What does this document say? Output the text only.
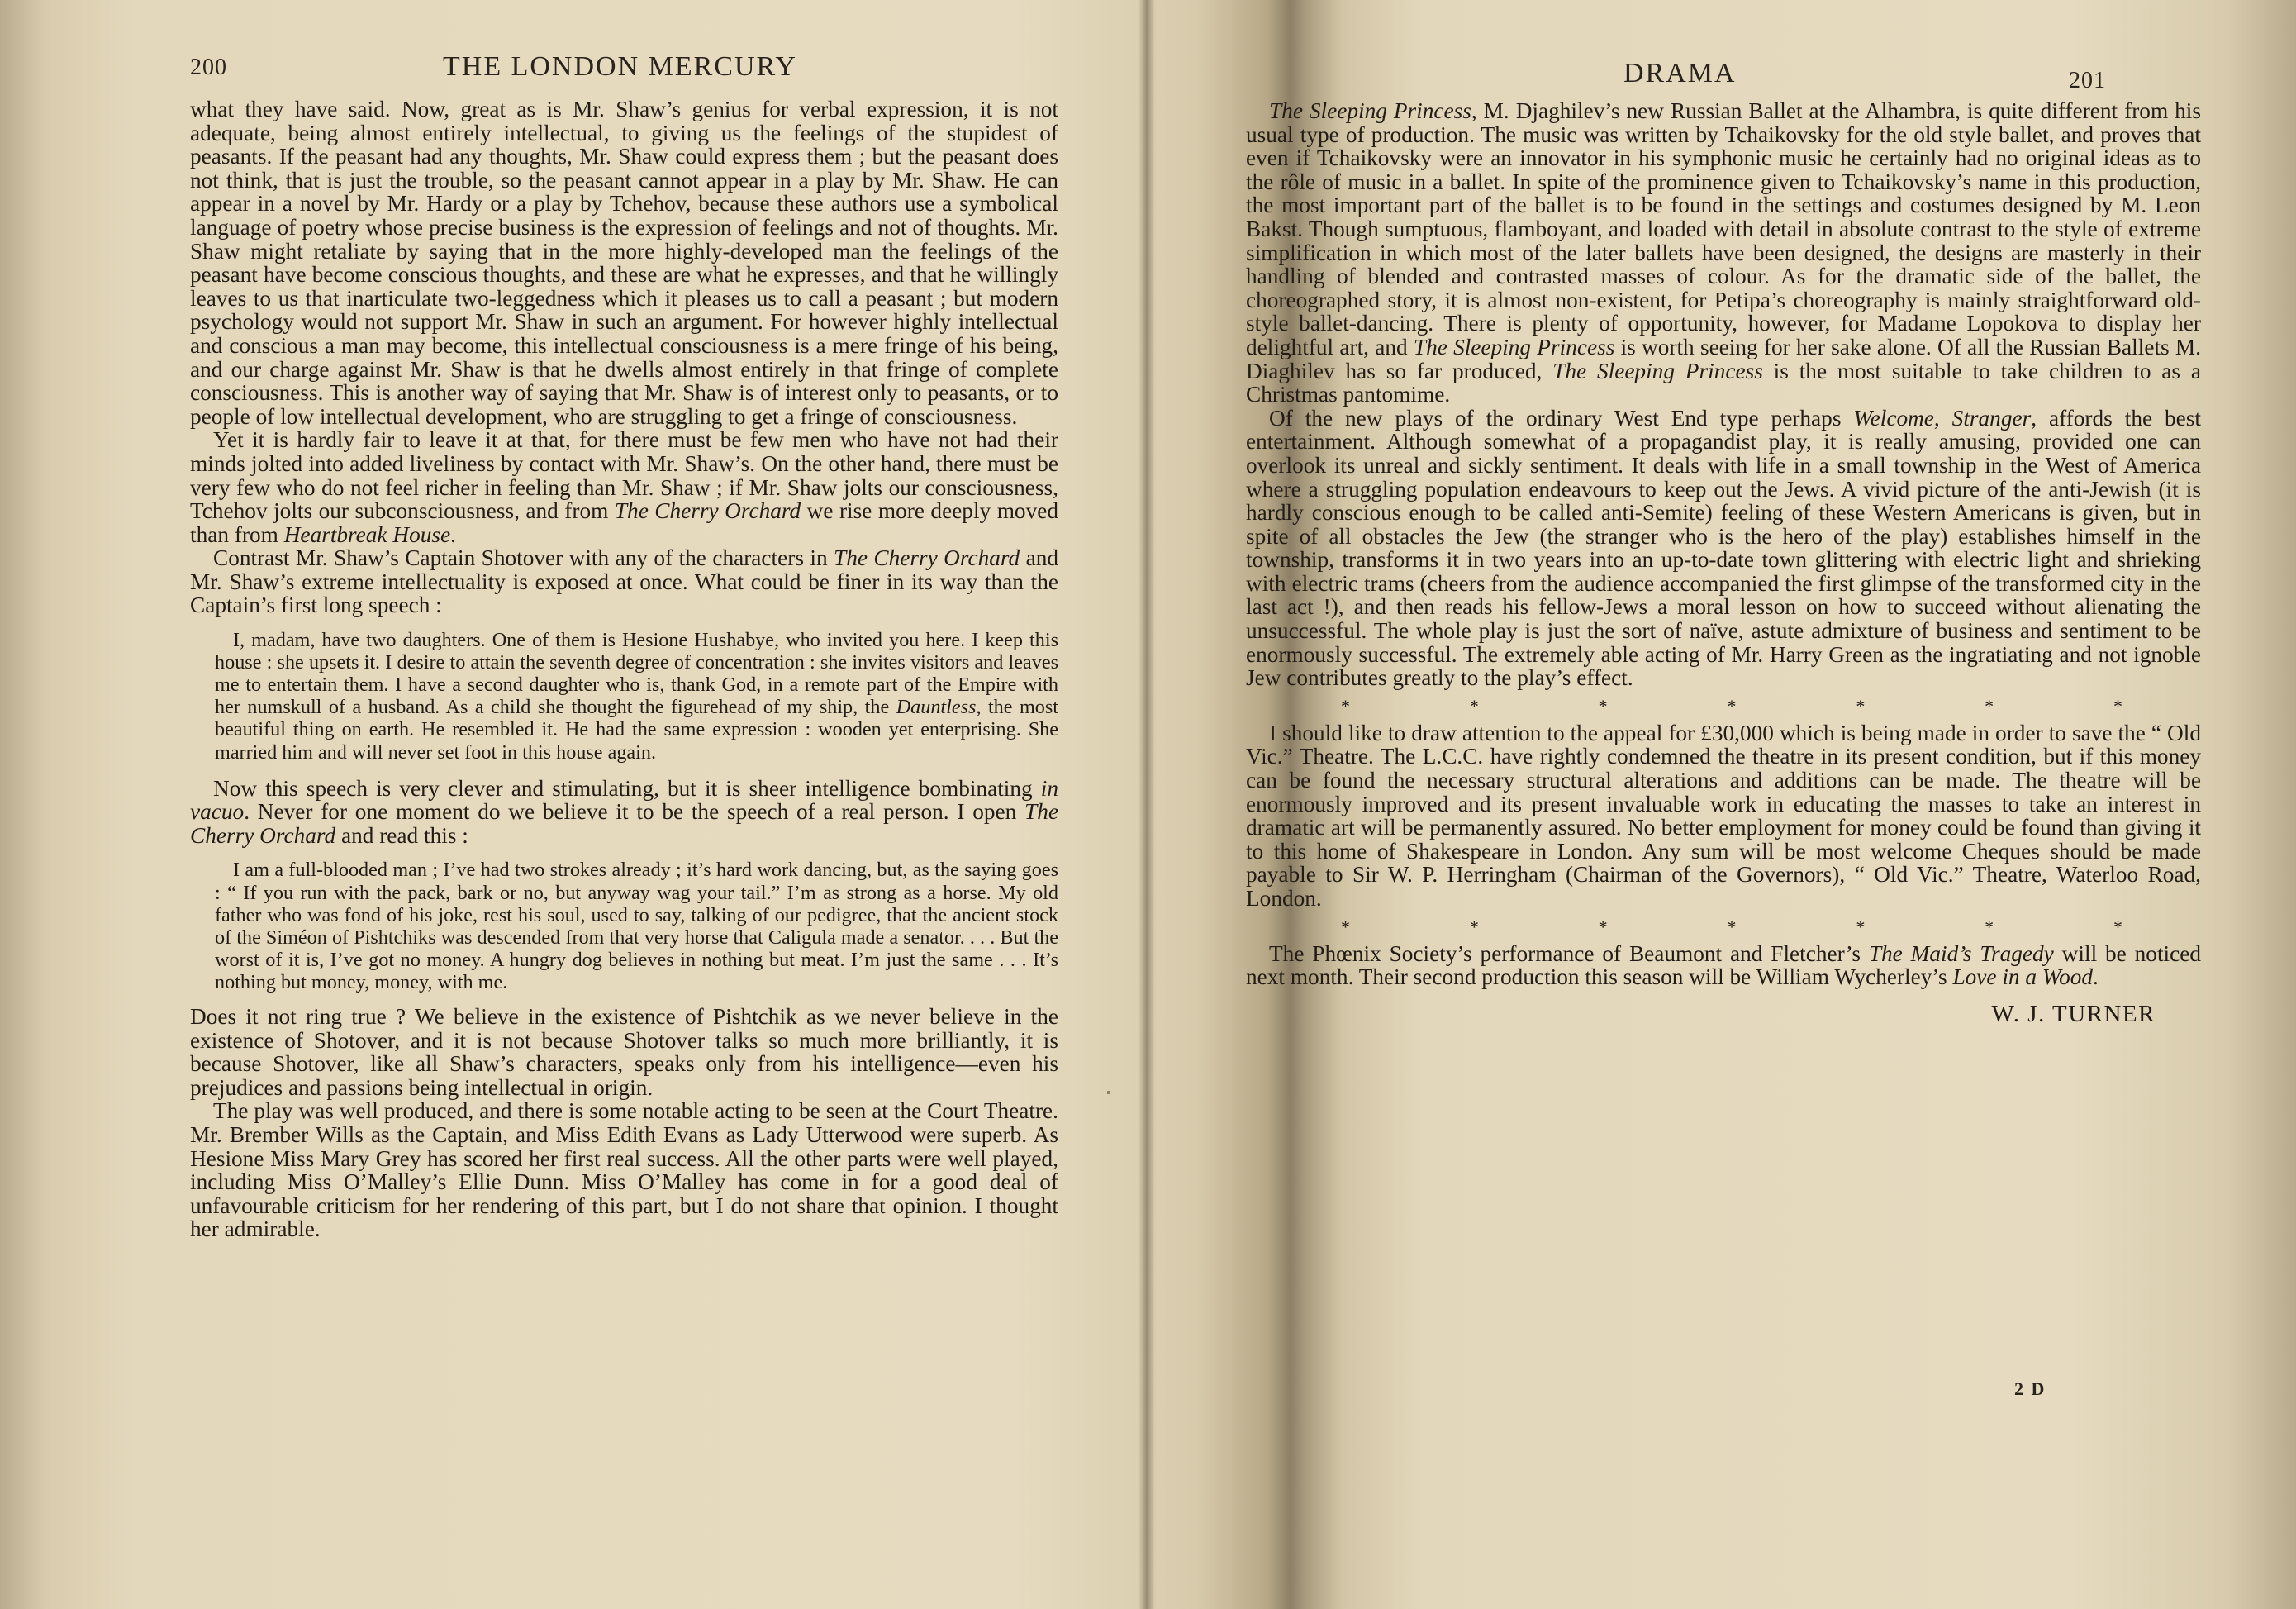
200	THE LONDON MERCURY

what they have said. Now, great as is Mr. Shaw’s genius for verbal expression, it is not adequate, being almost entirely intellectual, to giving us the feelings of the stupidest of peasants. If the peasant had any thoughts, Mr. Shaw could express them ; but the peasant does not think, that is just the trouble, so the peasant cannot appear in a play by Mr. Shaw. He can appear in a novel by Mr. Hardy or a play by Tchehov, because these authors use a symbolical language of poetry whose precise business is the expression of feelings and not of thoughts. Mr. Shaw might retaliate by saying that in the more highly-developed man the feelings of the peasant have become conscious thoughts, and these are what he expresses, and that he willingly leaves to us that inarticulate two-leggedness which it pleases us to call a peasant ; but modern psychology would not support Mr. Shaw in such an argument. For however highly intellectual and conscious a man may become, this intellectual consciousness is a mere fringe of his being, and our charge against Mr. Shaw is that he dwells almost entirely in that fringe of complete consciousness. This is another way of saying that Mr. Shaw is of interest only to peasants, or to people of low intellectual development, who are struggling to get a fringe of consciousness.

Yet it is hardly fair to leave it at that, for there must be few men who have not had their minds jolted into added liveliness by contact with Mr. Shaw’s. On the other hand, there must be very few who do not feel richer in feeling than Mr. Shaw ; if Mr. Shaw jolts our consciousness, Tchehov jolts our subconsciousness, and from The Cherry Orchard we rise more deeply moved than from Heartbreak House.

Contrast Mr. Shaw’s Captain Shotover with any of the characters in The Cherry Orchard and Mr. Shaw’s extreme intellectuality is exposed at once. What could be finer in its way than the Captain’s first long speech :

I, madam, have two daughters. One of them is Hesione Hushabye, who invited you here. I keep this house : she upsets it. I desire to attain the seventh degree of concentration : she invites visitors and leaves me to entertain them. I have a second daughter who is, thank God, in a remote part of the Empire with her numskull of a husband. As a child she thought the figurehead of my ship, the Dauntless, the most beautiful thing on earth. He resembled it. He had the same expression : wooden yet enterprising. She married him and will never set foot in this house again.

Now this speech is very clever and stimulating, but it is sheer intelligence bombinating in vacuo. Never for one moment do we believe it to be the speech of a real person. I open The Cherry Orchard and read this :

I am a full-blooded man ; I’ve had two strokes already ; it’s hard work dancing, but, as the saying goes : “ If you run with the pack, bark or no, but anyway wag your tail.” I’m as strong as a horse. My old father who was fond of his joke, rest his soul, used to say, talking of our pedigree, that the ancient stock of the Siméon of Pishtchiks was descended from that very horse that Caligula made a senator. . . . But the worst of it is, I’ve got no money. A hungry dog believes in nothing but meat. I’m just the same . . . It’s nothing but money, money, with me.

Does it not ring true ? We believe in the existence of Pishtchik as we never believe in the existence of Shotover, and it is not because Shotover talks so much more brilliantly, it is because Shotover, like all Shaw’s characters, speaks only from his intelligence—even his prejudices and passions being intellectual in origin.

The play was well produced, and there is some notable acting to be seen at the Court Theatre. Mr. Brember Wills as the Captain, and Miss Edith Evans as Lady Utterwood were superb. As Hesione Miss Mary Grey has scored her first real success. All the other parts were well played, including Miss O’Malley’s Ellie Dunn. Miss O’Malley has come in for a good deal of unfavourable criticism for her rendering of this part, but I do not share that opinion. I thought her admirable.

DRAMA	201

The Sleeping Princess, M. Djaghilev’s new Russian Ballet at the Alhambra, is quite different from his usual type of production. The music was written by Tchaikovsky for the old style ballet, and proves that even if Tchaikovsky were an innovator in his symphonic music he certainly had no original ideas as to the rôle of music in a ballet. In spite of the prominence given to Tchaikovsky’s name in this production, the most important part of the ballet is to be found in the settings and costumes designed by M. Leon Bakst. Though sumptuous, flamboyant, and loaded with detail in absolute contrast to the style of extreme simplification in which most of the later ballets have been designed, the designs are masterly in their handling of blended and contrasted masses of colour. As for the dramatic side of the ballet, the choreographed story, it is almost non-existent, for Petipa’s choreography is mainly straightforward old-style ballet-dancing. There is plenty of opportunity, however, for Madame Lopokova to display her delightful art, and The Sleeping Princess is worth seeing for her sake alone. Of all the Russian Ballets M. Diaghilev has so far produced, The Sleeping Princess is the most suitable to take children to as a Christmas pantomime.

Of the new plays of the ordinary West End type perhaps Welcome, Stranger, affords the best entertainment. Although somewhat of a propagandist play, it is really amusing, provided one can overlook its unreal and sickly sentiment. It deals with life in a small township in the West of America where a struggling population endeavours to keep out the Jews. A vivid picture of the anti-Jewish (it is hardly conscious enough to be called anti-Semite) feeling of these Western Americans is given, but in spite of all obstacles the Jew (the stranger who is the hero of the play) establishes himself in the township, transforms it in two years into an up-to-date town glittering with electric light and shrieking with electric trams (cheers from the audience accompanied the first glimpse of the transformed city in the last act !), and then reads his fellow-Jews a moral lesson on how to succeed without alienating the unsuccessful. The whole play is just the sort of naïve, astute admixture of business and sentiment to be enormously successful. The extremely able acting of Mr. Harry Green as the ingratiating and not ignoble Jew contributes greatly to the play’s effect.

*	*	*	*	*	*	*

I should like to draw attention to the appeal for £30,000 which is being made in order to save the “ Old Vic.” Theatre. The L.C.C. have rightly condemned the theatre in its present condition, but if this money can be found the necessary structural alterations and additions can be made. The theatre will be enormously improved and its present invaluable work in educating the masses to take an interest in dramatic art will be permanently assured. No better employment for money could be found than giving it to this home of Shakespeare in London. Any sum will be most welcome Cheques should be made payable to Sir W. P. Herringham (Chairman of the Governors), “ Old Vic.” Theatre, Waterloo Road, London.

*	*	*	*	*	*	*

The Phœnix Society’s performance of Beaumont and Fletcher’s The Maid’s Tragedy will be noticed next month. Their second production this season will be William Wycherley’s Love in a Wood.

W. J. TURNER
2 D
